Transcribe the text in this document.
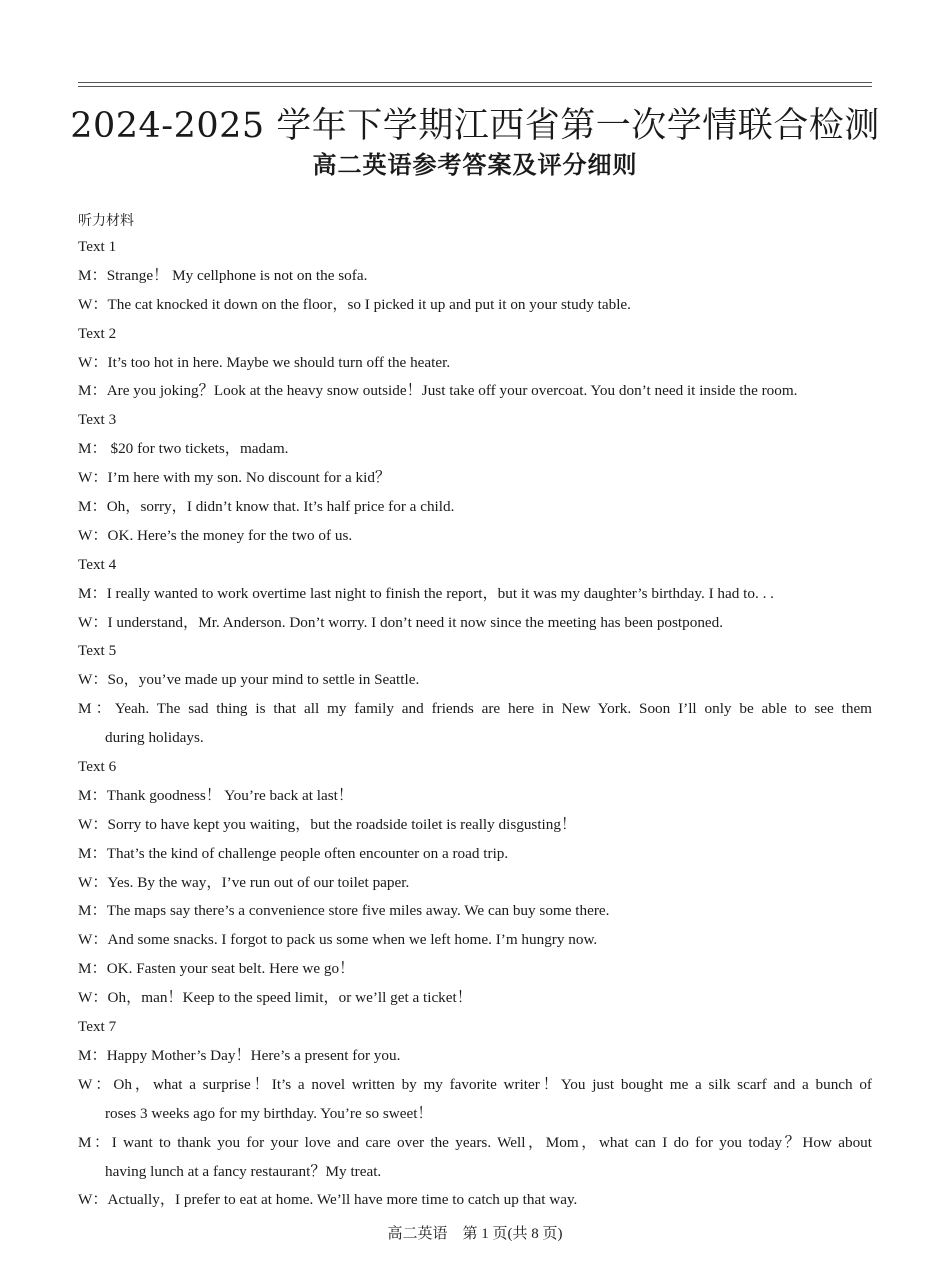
2024-2025 学年下学期江西省第一次学情联合检测
高二英语参考答案及评分细则
听力材料
Text 1
M：Strange！ My cellphone is not on the sofa.
W：The cat knocked it down on the floor，so I picked it up and put it on your study table.
Text 2
W：It’s too hot in here. Maybe we should turn off the heater.
M：Are you joking？Look at the heavy snow outside！Just take off your overcoat. You don’t need it inside the room.
Text 3
M： $20 for two tickets，madam.
W：I’m here with my son. No discount for a kid？
M：Oh，sorry，I didn’t know that. It’s half price for a child.
W：OK. Here’s the money for the two of us.
Text 4
M：I really wanted to work overtime last night to finish the report，but it was my daughter’s birthday. I had to. . .
W：I understand，Mr. Anderson. Don’t worry. I don’t need it now since the meeting has been postponed.
Text 5
W：So，you’ve made up your mind to settle in Seattle.
M：Yeah. The sad thing is that all my family and friends are here in New York. Soon I’ll only be able to see them
during holidays.
Text 6
M：Thank goodness！ You’re back at last！
W：Sorry to have kept you waiting，but the roadside toilet is really disgusting！
M：That’s the kind of challenge people often encounter on a road trip.
W：Yes. By the way，I’ve run out of our toilet paper.
M：The maps say there’s a convenience store five miles away. We can buy some there.
W：And some snacks. I forgot to pack us some when we left home. I’m hungry now.
M：OK. Fasten your seat belt. Here we go！
W：Oh，man！Keep to the speed limit，or we’ll get a ticket！
Text 7
M：Happy Mother’s Day！Here’s a present for you.
W：Oh，what a surprise！It’s a novel written by my favorite writer！You just bought me a silk scarf and a bunch of
roses 3 weeks ago for my birthday. You’re so sweet！
M：I want to thank you for your love and care over the years. Well，Mom，what can I do for you today？How about
having lunch at a fancy restaurant？My treat.
W：Actually，I prefer to eat at home. We’ll have more time to catch up that way.
高二英语　第 1 页(共 8 页)
